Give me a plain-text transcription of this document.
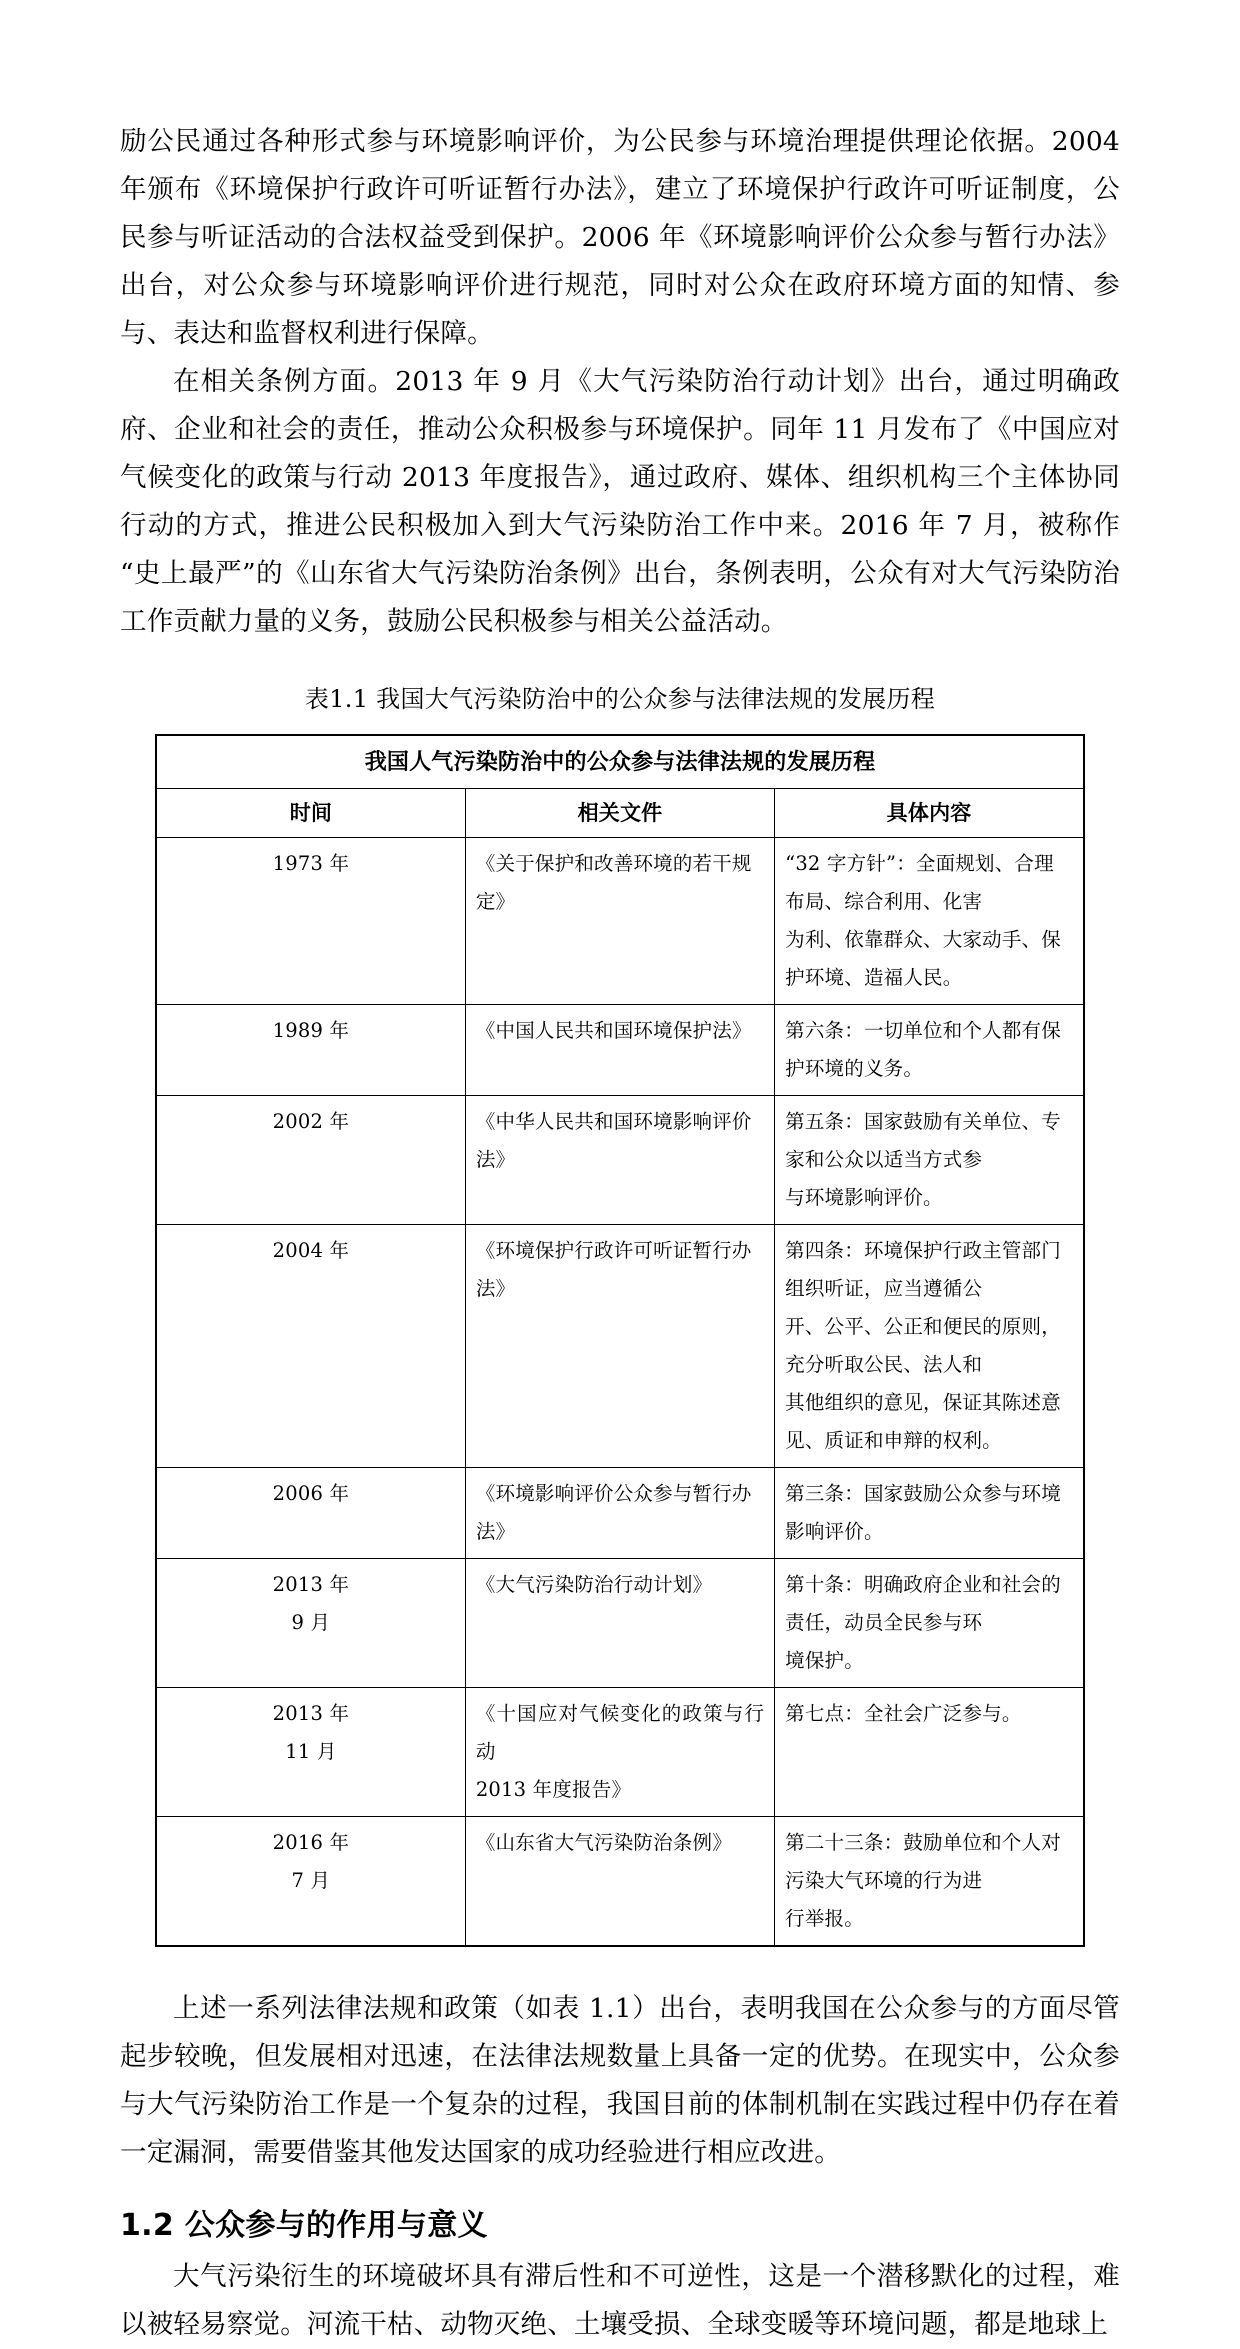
励公民通过各种形式参与环境影响评价，为公民参与环境治理提供理论依据。2004 年颁布《环境保护行政许可听证暂行办法》，建立了环境保护行政许可听证制度，公民参与听证活动的合法权益受到保护。2006 年《环境影响评价公众参与暂行办法》出台，对公众参与环境影响评价进行规范，同时对公众在政府环境方面的知情、参与、表达和监督权利进行保障。

在相关条例方面。2013 年 9 月《大气污染防治行动计划》出台，通过明确政府、企业和社会的责任，推动公众积极参与环境保护。同年 11 月发布了《中国应对气候变化的政策与行动 2013 年度报告》，通过政府、媒体、组织机构三个主体协同行动的方式，推进公民积极加入到大气污染防治工作中来。2016 年 7 月，被称作“史上最严”的《山东省大气污染防治条例》出台，条例表明，公众有对大气污染防治工作贡献力量的义务，鼓励公民积极参与相关公益活动。

表1.1 我国大气污染防治中的公众参与法律法规的发展历程
我国人气污染防治中的公众参与法律法规的发展历程		
时间	相关文件	具体内容

1973 年	《关于保护和改善环境的若干规定》	“32 字方针”：全面规划、合理布局、综合利用、化害
为利、依靠群众、大家动手、保护环境、造福人民。

1989 年	《中国人民共和国环境保护法》	第六条：一切单位和个人都有保护环境的义务。

2002 年	《中华人民共和国环境影响评价法》	第五条：国家鼓励有关单位、专家和公众以适当方式参
与环境影响评价。

2004 年	《环境保护行政许可听证暂行办法》	第四条：环境保护行政主管部门组织听证，应当遵循公
开、公平、公正和便民的原则，充分听取公民、法人和
其他组织的意见，保证其陈述意见、质证和申辩的权利。

2006 年	《环境影响评价公众参与暂行办法》	第三条：国家鼓励公众参与环境影响评价。

2013 年
9 月	《大气污染防治行动计划》	第十条：明确政府企业和社会的责任，动员全民参与环
境保护。

2013 年
11 月	《十国应对气候变化的政策与行动
2013 年度报告》	第七点：全社会广泛参与。

2016 年
7 月	《山东省大气污染防治条例》	第二十三条：鼓励单位和个人对污染大气环境的行为进
行举报。

上述一系列法律法规和政策（如表 1.1）出台，表明我国在公众参与的方面尽管起步较晚，但发展相对迅速，在法律法规数量上具备一定的优势。在现实中，公众参与大气污染防治工作是一个复杂的过程，我国目前的体制机制在实践过程中仍存在着一定漏洞，需要借鉴其他发达国家的成功经验进行相应改进。

1.2 公众参与的作用与意义

大气污染衍生的环境破坏具有滞后性和不可逆性，这是一个潜移默化的过程，难以被轻易察觉。河流干枯、动物灭绝、土壤受损、全球变暖等环境问题，都是地球上
